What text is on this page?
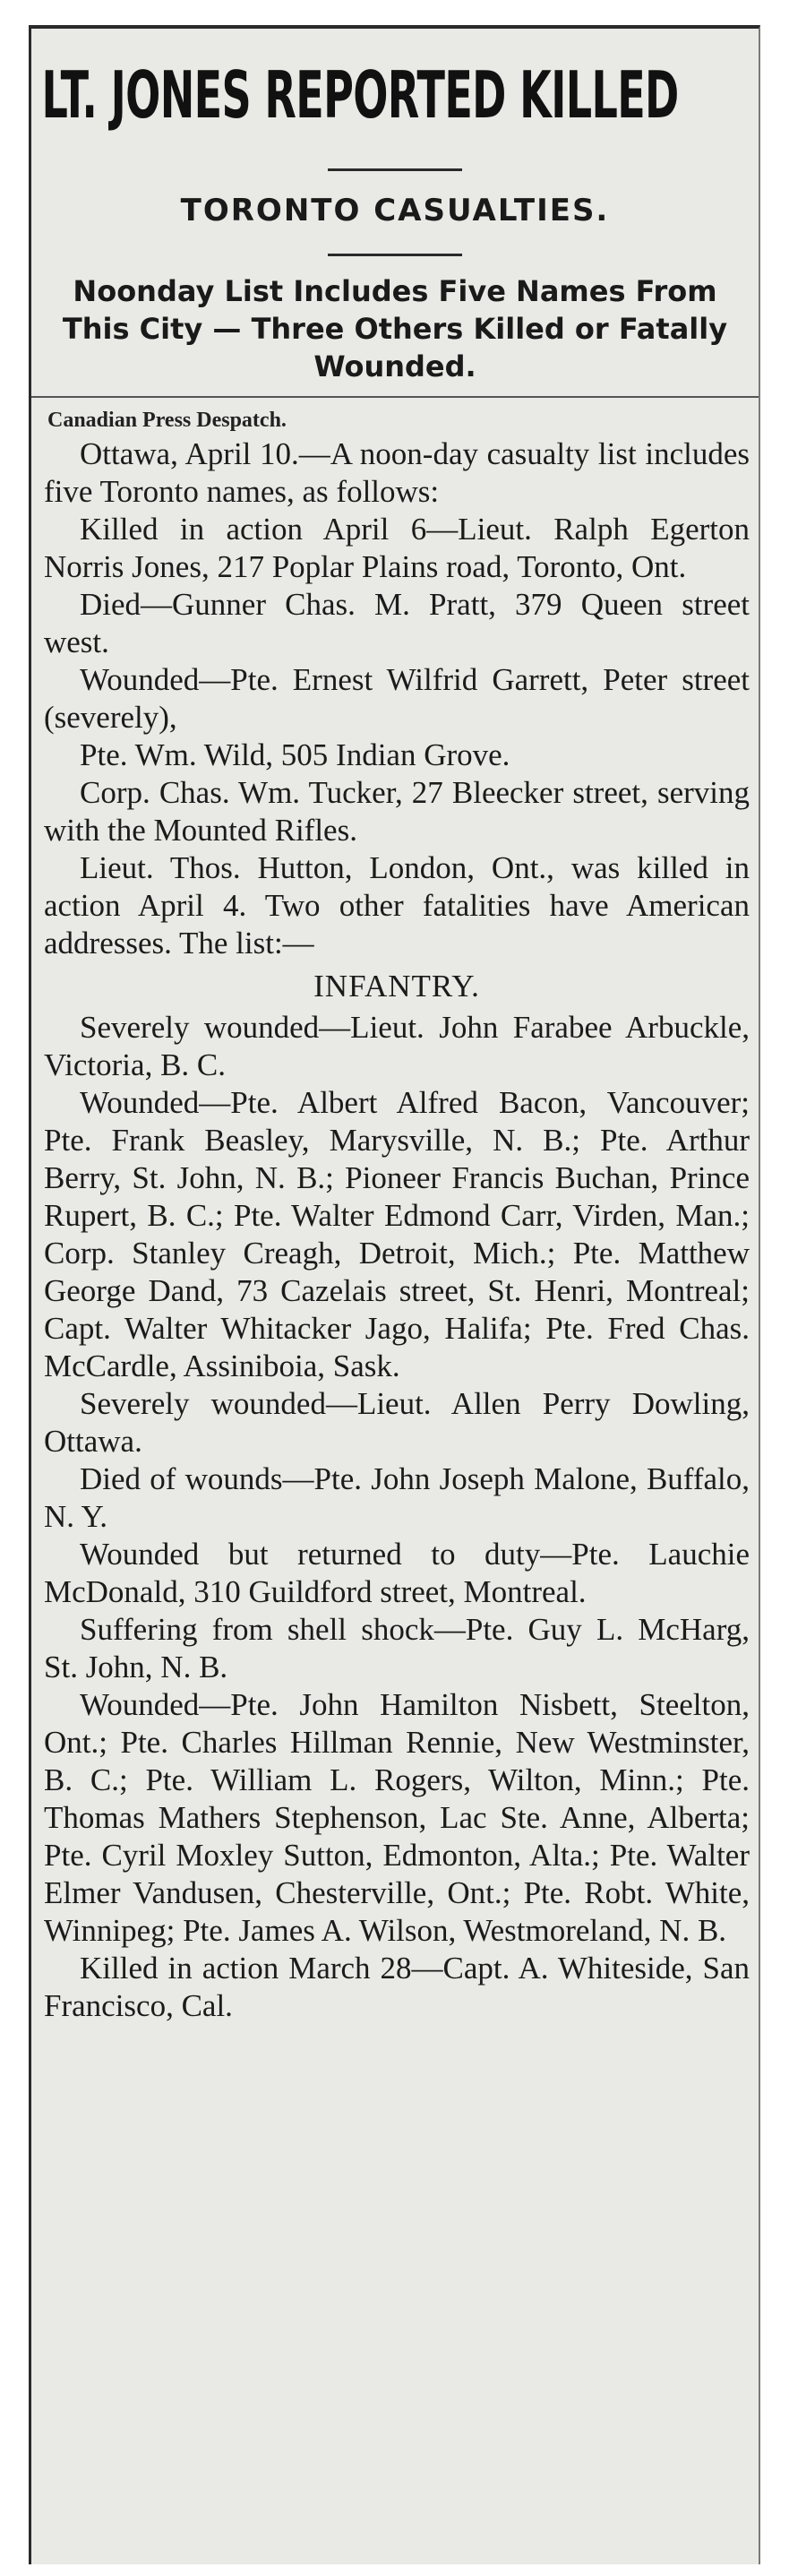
LT. JONES REPORTED KILLED
TORONTO CASUALTIES.
Noonday List Includes Five Names From This City — Three Others Killed or Fatally Wounded.
Canadian Press Despatch.

Ottawa, April 10.—A noon-day casualty list includes five Toronto names, as follows:

Killed in action April 6—Lieut. Ralph Egerton Norris Jones, 217 Poplar Plains road, Toronto, Ont.

Died—Gunner Chas. M. Pratt, 379 Queen street west.

Wounded—Pte. Ernest Wilfrid Garrett, Peter street (severely),

Pte. Wm. Wild, 505 Indian Grove.

Corp. Chas. Wm. Tucker, 27 Bleecker street, serving with the Mounted Rifles.

Lieut. Thos. Hutton, London, Ont., was killed in action April 4. Two other fatalities have American addresses. The list:—

INFANTRY.

Severely wounded—Lieut. John Farabee Arbuckle, Victoria, B. C.

Wounded—Pte. Albert Alfred Bacon, Vancouver; Pte. Frank Beasley, Marysville, N. B.; Pte. Arthur Berry, St. John, N. B.; Pioneer Francis Buchan, Prince Rupert, B. C.; Pte. Walter Edmond Carr, Virden, Man.; Corp. Stanley Creagh, Detroit, Mich.; Pte. Matthew George Dand, 73 Cazelais street, St. Henri, Montreal; Capt. Walter Whitacker Jago, Halifa; Pte. Fred Chas. McCardle, Assiniboia, Sask.

Severely wounded—Lieut. Allen Perry Dowling, Ottawa.

Died of wounds—Pte. John Joseph Malone, Buffalo, N. Y.

Wounded but returned to duty—Pte. Lauchie McDonald, 310 Guildford street, Montreal.

Suffering from shell shock—Pte. Guy L. McHarg, St. John, N. B.

Wounded—Pte. John Hamilton Nisbett, Steelton, Ont.; Pte. Charles Hillman Rennie, New Westminster, B. C.; Pte. William L. Rogers, Wilton, Minn.; Pte. Thomas Mathers Stephenson, Lac Ste. Anne, Alberta; Pte. Cyril Moxley Sutton, Edmonton, Alta.; Pte. Walter Elmer Vandusen, Chesterville, Ont.; Pte. Robt. White, Winnipeg; Pte. James A. Wilson, Westmoreland, N. B.

Killed in action March 28—Capt. A. Whiteside, San Francisco, Cal.
